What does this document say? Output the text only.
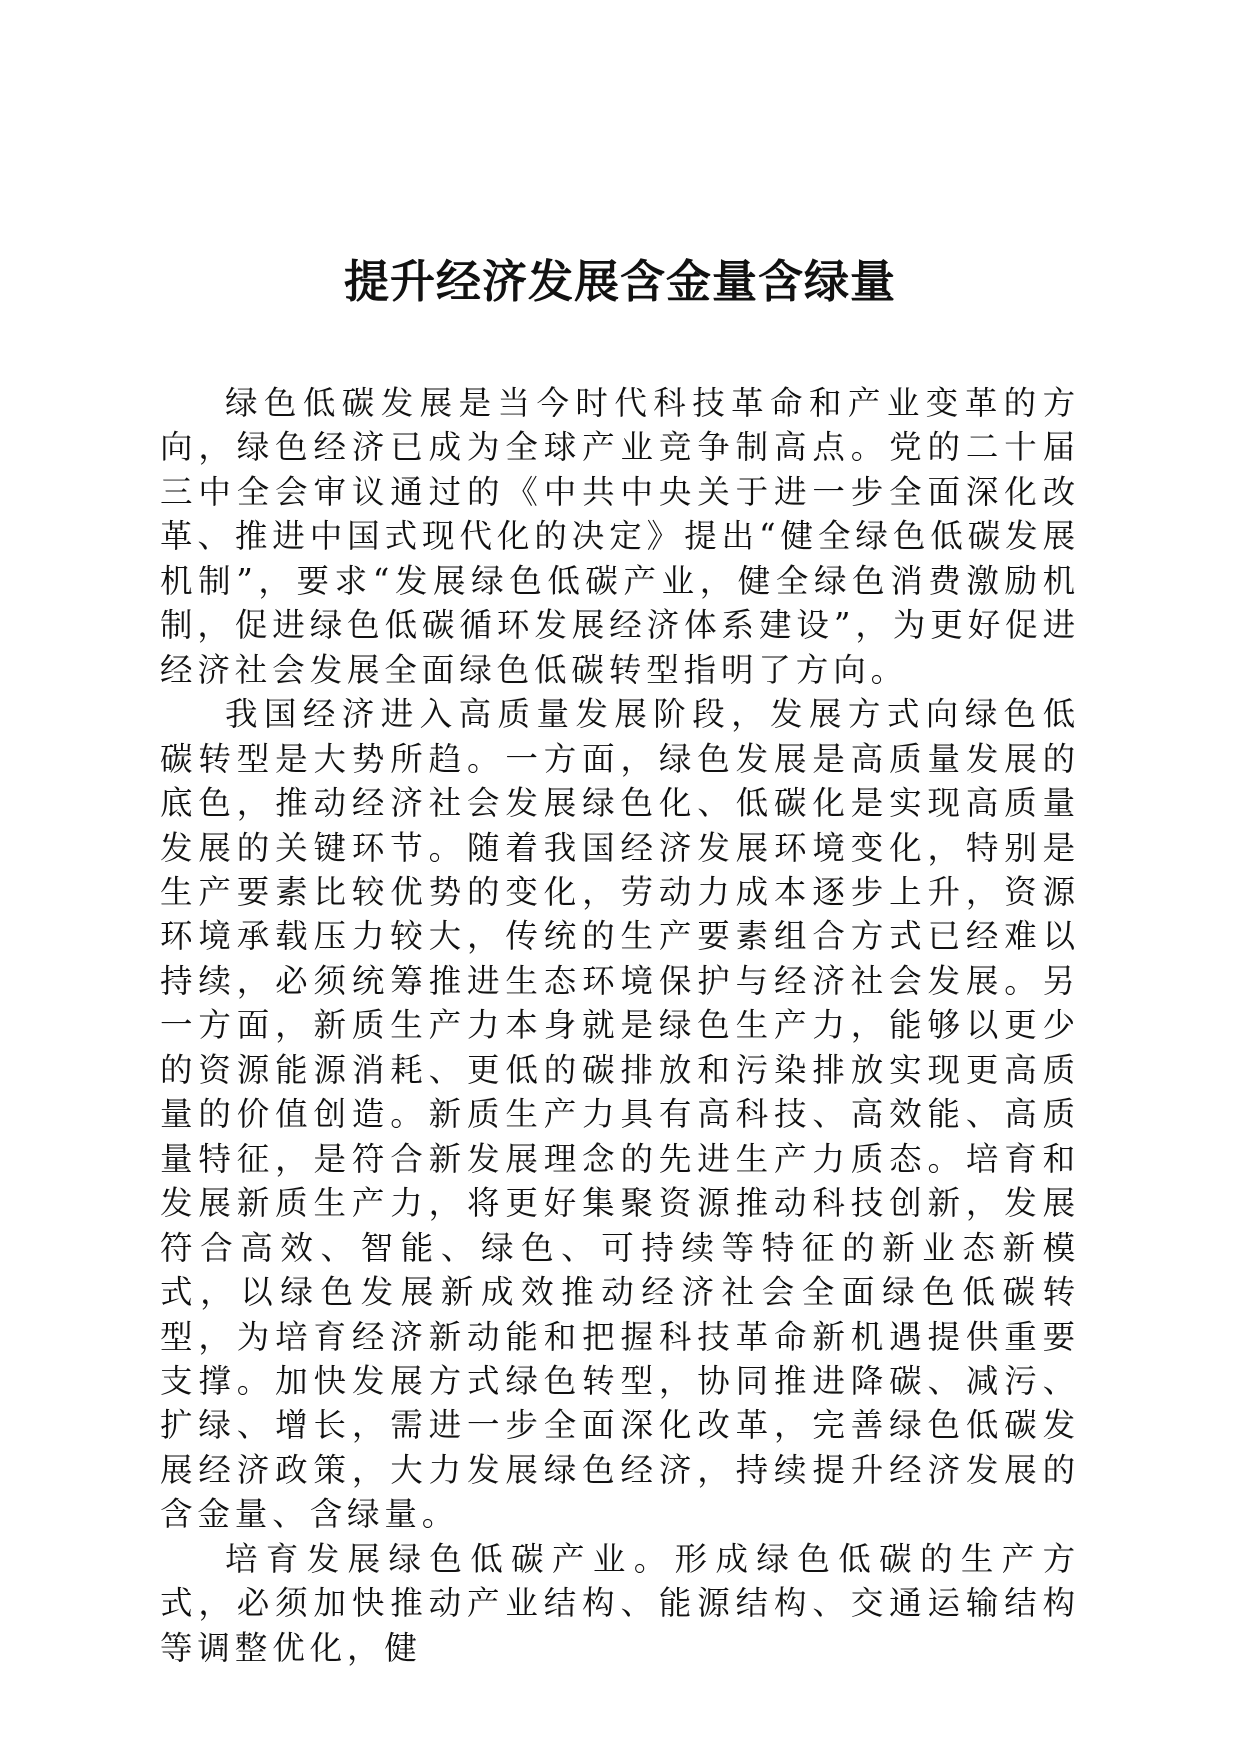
提升经济发展含金量含绿量

绿色低碳发展是当今时代科技革命和产业变革的方向，绿色经济已成为全球产业竞争制高点。党的二十届三中全会审议通过的《中共中央关于进一步全面深化改革、推进中国式现代化的决定》提出“健全绿色低碳发展机制”，要求“发展绿色低碳产业，健全绿色消费激励机制，促进绿色低碳循环发展经济体系建设”，为更好促进经济社会发展全面绿色低碳转型指明了方向。

我国经济进入高质量发展阶段，发展方式向绿色低碳转型是大势所趋。一方面，绿色发展是高质量发展的底色，推动经济社会发展绿色化、低碳化是实现高质量发展的关键环节。随着我国经济发展环境变化，特别是生产要素比较优势的变化，劳动力成本逐步上升，资源环境承载压力较大，传统的生产要素组合方式已经难以持续，必须统筹推进生态环境保护与经济社会发展。另一方面，新质生产力本身就是绿色生产力，能够以更少的资源能源消耗、更低的碳排放和污染排放实现更高质量的价值创造。新质生产力具有高科技、高效能、高质量特征，是符合新发展理念的先进生产力质态。培育和发展新质生产力，将更好集聚资源推动科技创新，发展符合高效、智能、绿色、可持续等特征的新业态新模式，以绿色发展新成效推动经济社会全面绿色低碳转型，为培育经济新动能和把握科技革命新机遇提供重要支撑。加快发展方式绿色转型，协同推进降碳、减污、扩绿、增长，需进一步全面深化改革，完善绿色低碳发展经济政策，大力发展绿色经济，持续提升经济发展的含金量、含绿量。

培育发展绿色低碳产业。形成绿色低碳的生产方式，必须加快推动产业结构、能源结构、交通运输结构等调整优化，健
